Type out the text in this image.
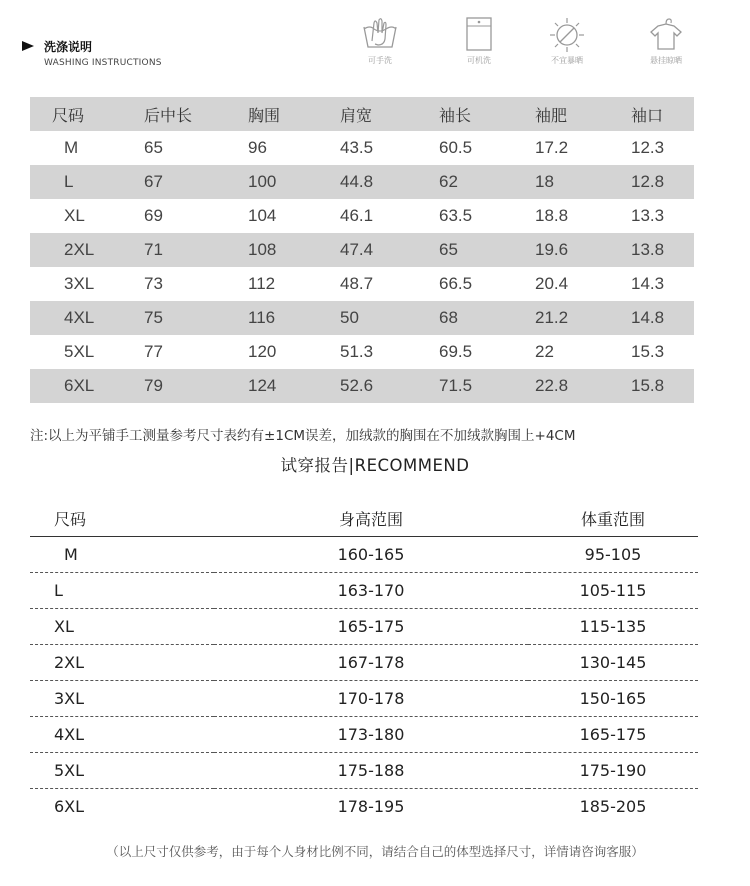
洗涤说明
WASHING INSTRUCTIONS	可手洗	可机洗	不宜暴晒	悬挂晾晒
尺码	后中长	胸围	肩宽	袖长	袖肥	袖口
M	65	96	43.5	60.5	17.2	12.3
L	67	100	44.8	62	18	12.8
XL	69	104	46.1	63.5	18.8	13.3
2XL	71	108	47.4	65	19.6	13.8
3XL	73	112	48.7	66.5	20.4	14.3
4XL	75	116	50	68	21.2	14.8
5XL	77	120	51.3	69.5	22	15.3
6XL	79	124	52.6	71.5	22.8	15.8
注:以上为平铺手工测量参考尺寸表约有±1CM误差，加绒款的胸围在不加绒款胸围上+4CM
试穿报告|RECOMMEND
尺码	身高范围	体重范围
M	160-165	95-105
L	163-170	105-115
XL	165-175	115-135
2XL	167-178	130-145
3XL	170-178	150-165
4XL	173-180	165-175
5XL	175-188	175-190
6XL	178-195	185-205
（以上尺寸仅供参考，由于每个人身材比例不同，请结合自己的体型选择尺寸，详情请咨询客服）
